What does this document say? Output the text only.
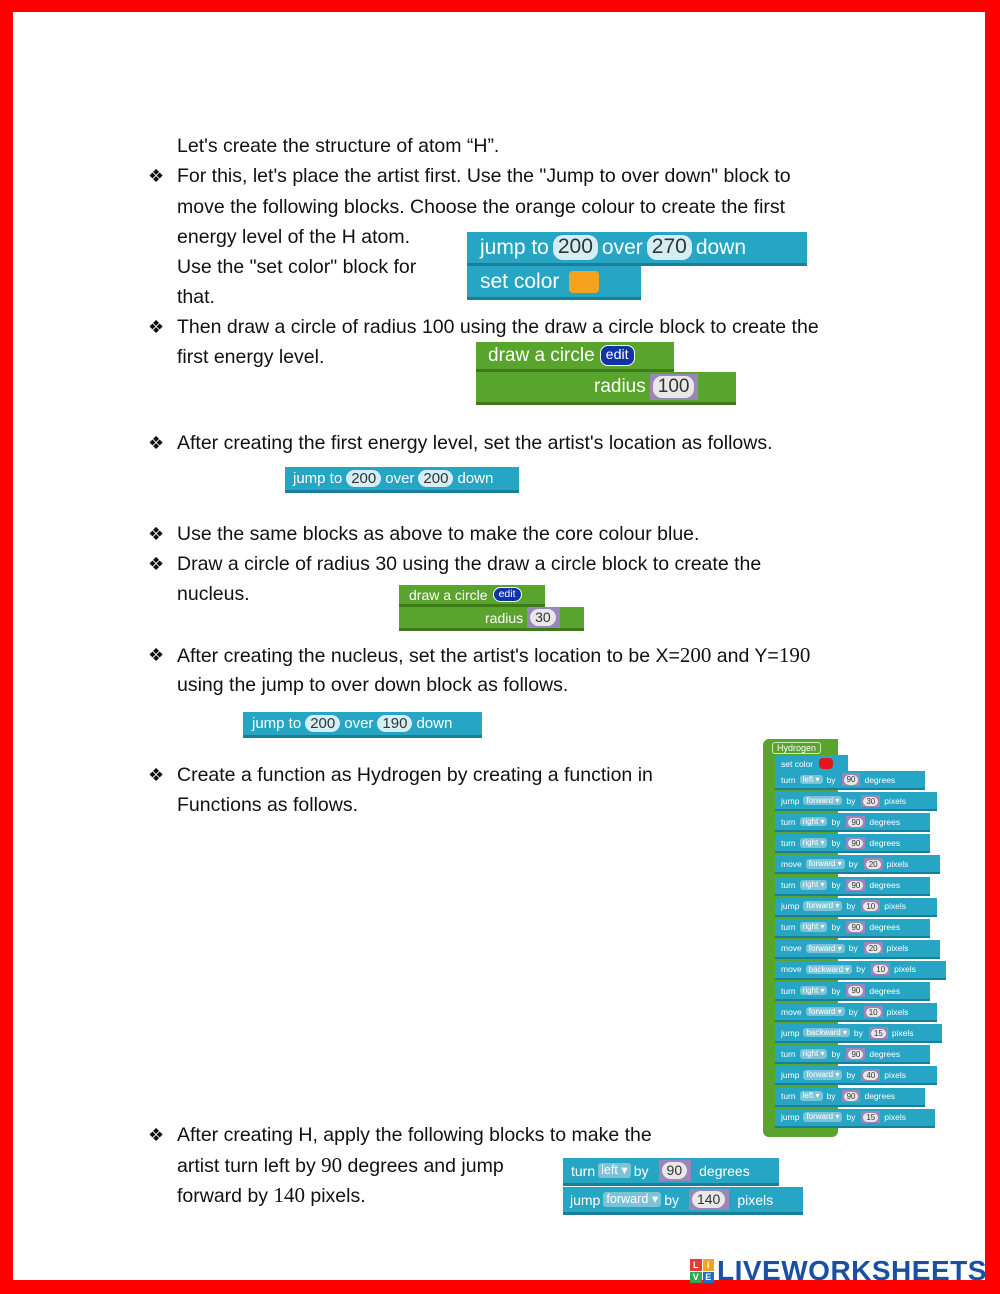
Let's create the structure of atom “H”.
❖ For this, let's place the artist first. Use the "Jump to over down" block to
move the following blocks. Choose the orange colour to create the first
energy level of the H atom.
Use the "set color" block for
that.
jump to 200 over 270 down
set color
❖ Then draw a circle of radius 100 using the draw a circle block to create the
first energy level.	draw a circle edit
radius 100
❖ After creating the first energy level, set the artist's location as follows.
jump to 200 over 200 down
❖ Use the same blocks as above to make the core colour blue.
❖ Draw a circle of radius 30 using the draw a circle block to create the
nucleus.	draw a circle	edit
radius 30
❖ After creating the nucleus, set the artist's location to be X=200 and Y=190
using the jump to over down block as follows.
jump to 200 over 190 down
❖ Create a function as Hydrogen by creating a function in
Functions as follows.
Hydrogen
set color
turn left ▾ by	90	degrees
jump forward ▾ by	30	pixels
turn right ▾ by	90	degrees
turn right ▾ by	90	degrees
move forward ▾ by	20	pixels
turn right ▾ by	90	degrees
jump forward ▾ by	10	pixels
turn right ▾ by	90	degrees
move forward ▾ by	20	pixels
move backward ▾ by	10	pixels
turn right ▾ by	90	degrees
move forward ▾ by	10	pixels
jump backward ▾ by	15	pixels
turn right ▾ by	90	degrees
jump forward ▾ by	40	pixels
turn left ▾ by	90	degrees
jump forward ▾ by	15	pixels
❖ After creating H, apply the following blocks to make the
artist turn left by 90 degrees and jump
forward by 140 pixels.
turn left ▾ by	90	degrees
jump forward ▾ by	140	pixels
L I
V E LIVEWORKSHEETS
